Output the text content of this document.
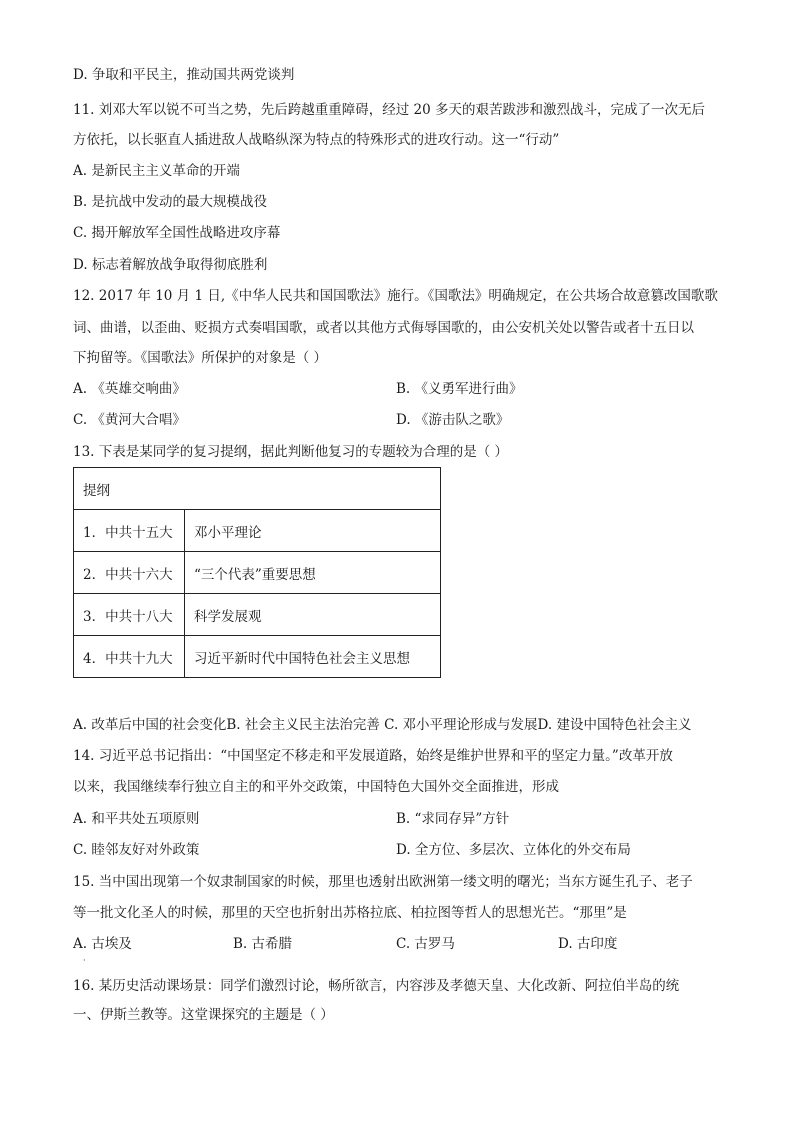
D. 争取和平民主，推动国共两党谈判
11. 刘邓大军以锐不可当之势，先后跨越重重障碍，经过 20 多天的艰苦跋涉和激烈战斗，完成了一次无后
方依托，以长驱直人插进敌人战略纵深为特点的特殊形式的进攻行动。这一“行动”
A. 是新民主主义革命的开端
B. 是抗战中发动的最大规模战役
C. 揭开解放军全国性战略进攻序幕
D. 标志着解放战争取得彻底胜利
12. 2017 年 10 月 1 日,《中华人民共和国国歌法》施行。《国歌法》明确规定，在公共场合故意篡改国歌歌
词、曲谱，以歪曲、贬损方式奏唱国歌，或者以其他方式侮辱国歌的，由公安机关处以警告或者十五日以
下拘留等。《国歌法》所保护的对象是（ ）
A. 《英雄交响曲》	B. 《义勇军进行曲》
C. 《黄河大合唱》	D. 《游击队之歌》
13. 下表是某同学的复习提纲，据此判断他复习的专题较为合理的是（ ）
提纲	
1．中共十五大	邓小平理论
2．中共十六大	“三个代表”重要思想
3．中共十八大	科学发展观
4．中共十九大	习近平新时代中国特色社会主义思想
A. 改革后中国的社会变化B. 社会主义民主法治完善 C. 邓小平理论形成与发展D. 建设中国特色社会主义
14. 习近平总书记指出：“中国坚定不移走和平发展道路，始终是维护世界和平的坚定力量。”改革开放
以来，我国继续奉行独立自主的和平外交政策，中国特色大国外交全面推进，形成
A. 和平共处五项原则	B. “求同存异”方针
C. 睦邻友好对外政策	D. 全方位、多层次、立体化的外交布局
15. 当中国出现第一个奴隶制国家的时候，那里也透射出欧洲第一缕文明的曙光；当东方诞生孔子、老子
等一批文化圣人的时候，那里的天空也折射出苏格拉底、柏拉图等哲人的思想光芒。“那里”是
A. 古埃及
·
B. 古希腊	C. 古罗马	D. 古印度
16. 某历史活动课场景：同学们激烈讨论，畅所欲言，内容涉及孝德天皇、大化改新、阿拉伯半岛的统
一、伊斯兰教等。这堂课探究的主题是（ ）
